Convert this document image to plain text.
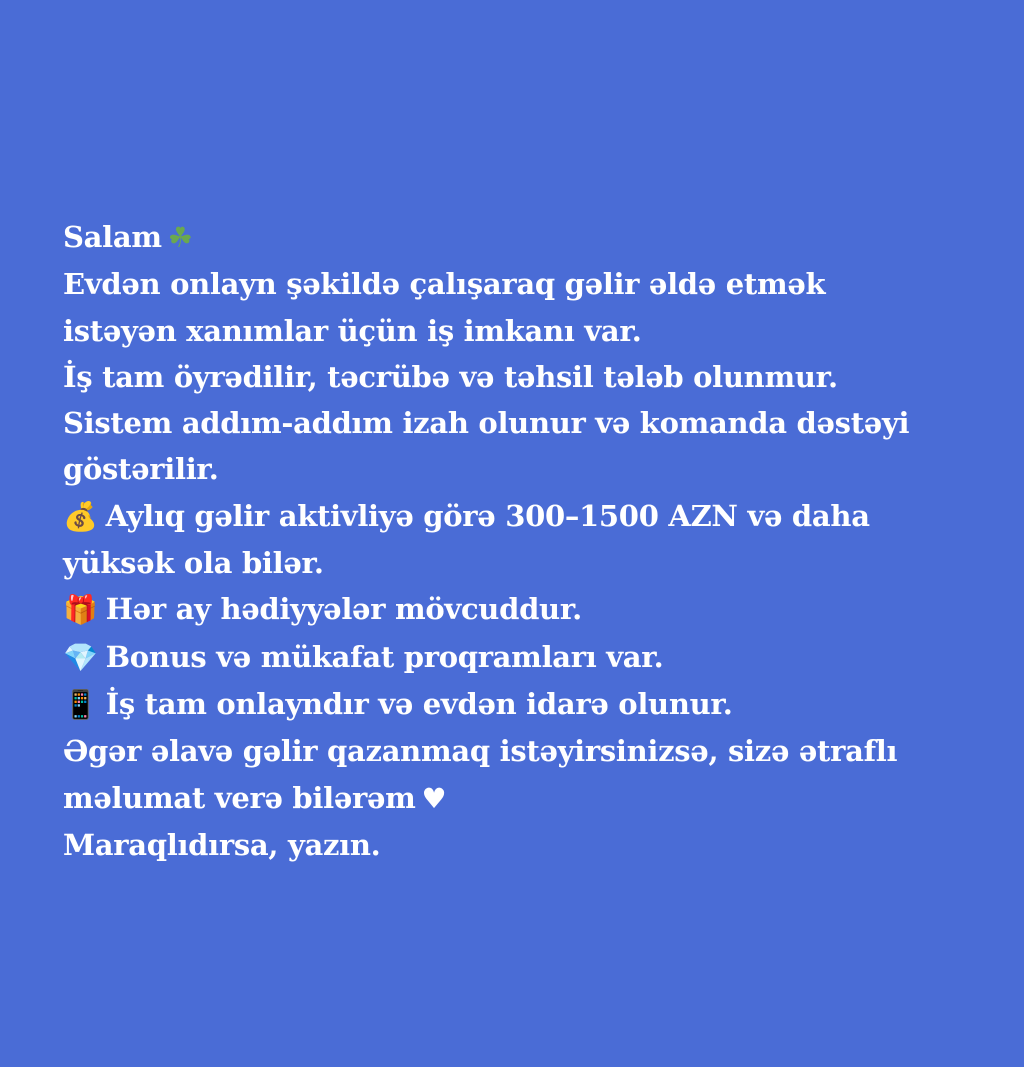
Salam ☘
Evdən onlayn şəkildə çalışaraq gəlir əldə etmək
istəyən xanımlar üçün iş imkanı var.
İş tam öyrədilir, təcrübə və təhsil tələb olunmur.
Sistem addım-addım izah olunur və komanda dəstəyi
göstərilir.
💰 Aylıq gəlir aktivliyə görə 300–1500 AZN və daha
yüksək ola bilər.
🎁 Hər ay hədiyyələr mövcuddur.
💎 Bonus və mükafat proqramları var.
📱 İş tam onlayndır və evdən idarə olunur.
Əgər əlavə gəlir qazanmaq istəyirsinizsə, sizə ətraflı
məlumat verə bilərəm ♥
Maraqlıdırsa, yazın.
